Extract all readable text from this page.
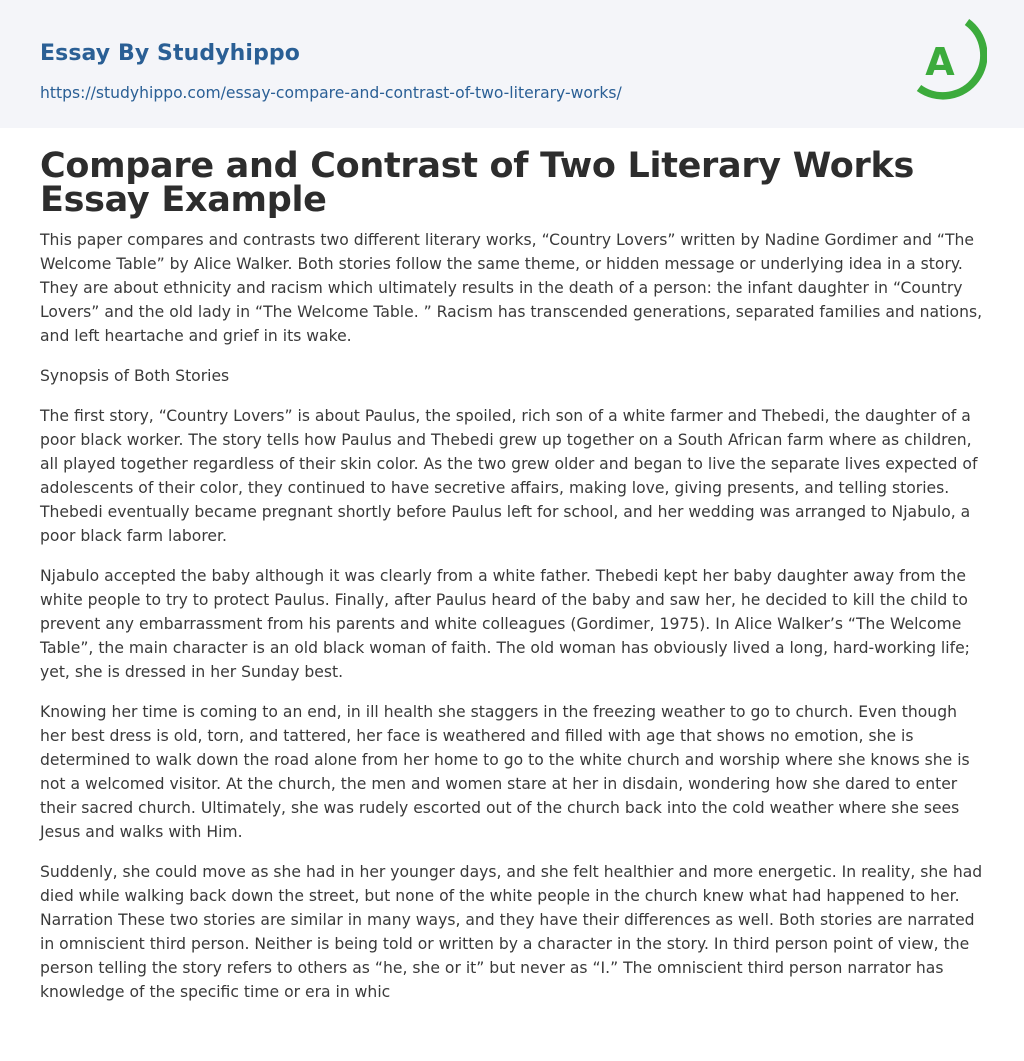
Essay By Studyhippo
https://studyhippo.com/essay-compare-and-contrast-of-two-literary-works/
A
Compare and Contrast of Two Literary Works Essay Example

This paper compares and contrasts two different literary works, “Country Lovers” written by Nadine Gordimer and “The Welcome Table” by Alice Walker. Both stories follow the same theme, or hidden message or underlying idea in a story. They are about ethnicity and racism which ultimately results in the death of a person: the infant daughter in “Country Lovers” and the old lady in “The Welcome Table. ” Racism has transcended generations, separated families and nations, and left heartache and grief in its wake.

Synopsis of Both Stories

The first story, “Country Lovers” is about Paulus, the spoiled, rich son of a white farmer and Thebedi, the daughter of a poor black worker. The story tells how Paulus and Thebedi grew up together on a South African farm where as children, all played together regardless of their skin color. As the two grew older and began to live the separate lives expected of adolescents of their color, they continued to have secretive affairs, making love, giving presents, and telling stories. Thebedi eventually became pregnant shortly before Paulus left for school, and her wedding was arranged to Njabulo, a poor black farm laborer.

Njabulo accepted the baby although it was clearly from a white father. Thebedi kept her baby daughter away from the white people to try to protect Paulus. Finally, after Paulus heard of the baby and saw her, he decided to kill the child to prevent any embarrassment from his parents and white colleagues (Gordimer, 1975). In Alice Walker’s “The Welcome Table”, the main character is an old black woman of faith. The old woman has obviously lived a long, hard-working life; yet, she is dressed in her Sunday best.

Knowing her time is coming to an end, in ill health she staggers in the freezing weather to go to church. Even though her best dress is old, torn, and tattered, her face is weathered and filled with age that shows no emotion, she is determined to walk down the road alone from her home to go to the white church and worship where she knows she is not a welcomed visitor. At the church, the men and women stare at her in disdain, wondering how she dared to enter their sacred church. Ultimately, she was rudely escorted out of the church back into the cold weather where she sees Jesus and walks with Him.

Suddenly, she could move as she had in her younger days, and she felt healthier and more energetic. In reality, she had died while walking back down the street, but none of the white people in the church knew what had happened to her. Narration These two stories are similar in many ways, and they have their differences as well. Both stories are narrated in omniscient third person. Neither is being told or written by a character in the story. In third person point of view, the person telling the story refers to others as “he, she or it” but never as “I.” The omniscient third person narrator has knowledge of the specific time or era in whic
